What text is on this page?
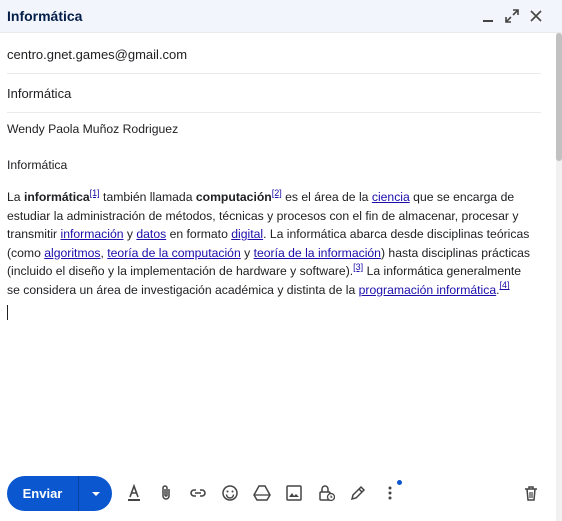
Informática
centro.gnet.games@gmail.com
Informática
Wendy Paola Muñoz Rodriguez
Informática
La informática[1] también llamada computación[2] es el área de la ciencia que se encarga de
estudiar la administración de métodos, técnicas y procesos con el fin de almacenar, procesar y
transmitir información y datos en formato digital. La informática abarca desde disciplinas teóricas
(como algoritmos, teoría de la computación y teoría de la información) hasta disciplinas prácticas
(incluido el diseño y la implementación de hardware y software).[3] La informática generalmente
se considera un área de investigación académica y distinta de la programación informática.[4]
Enviar
